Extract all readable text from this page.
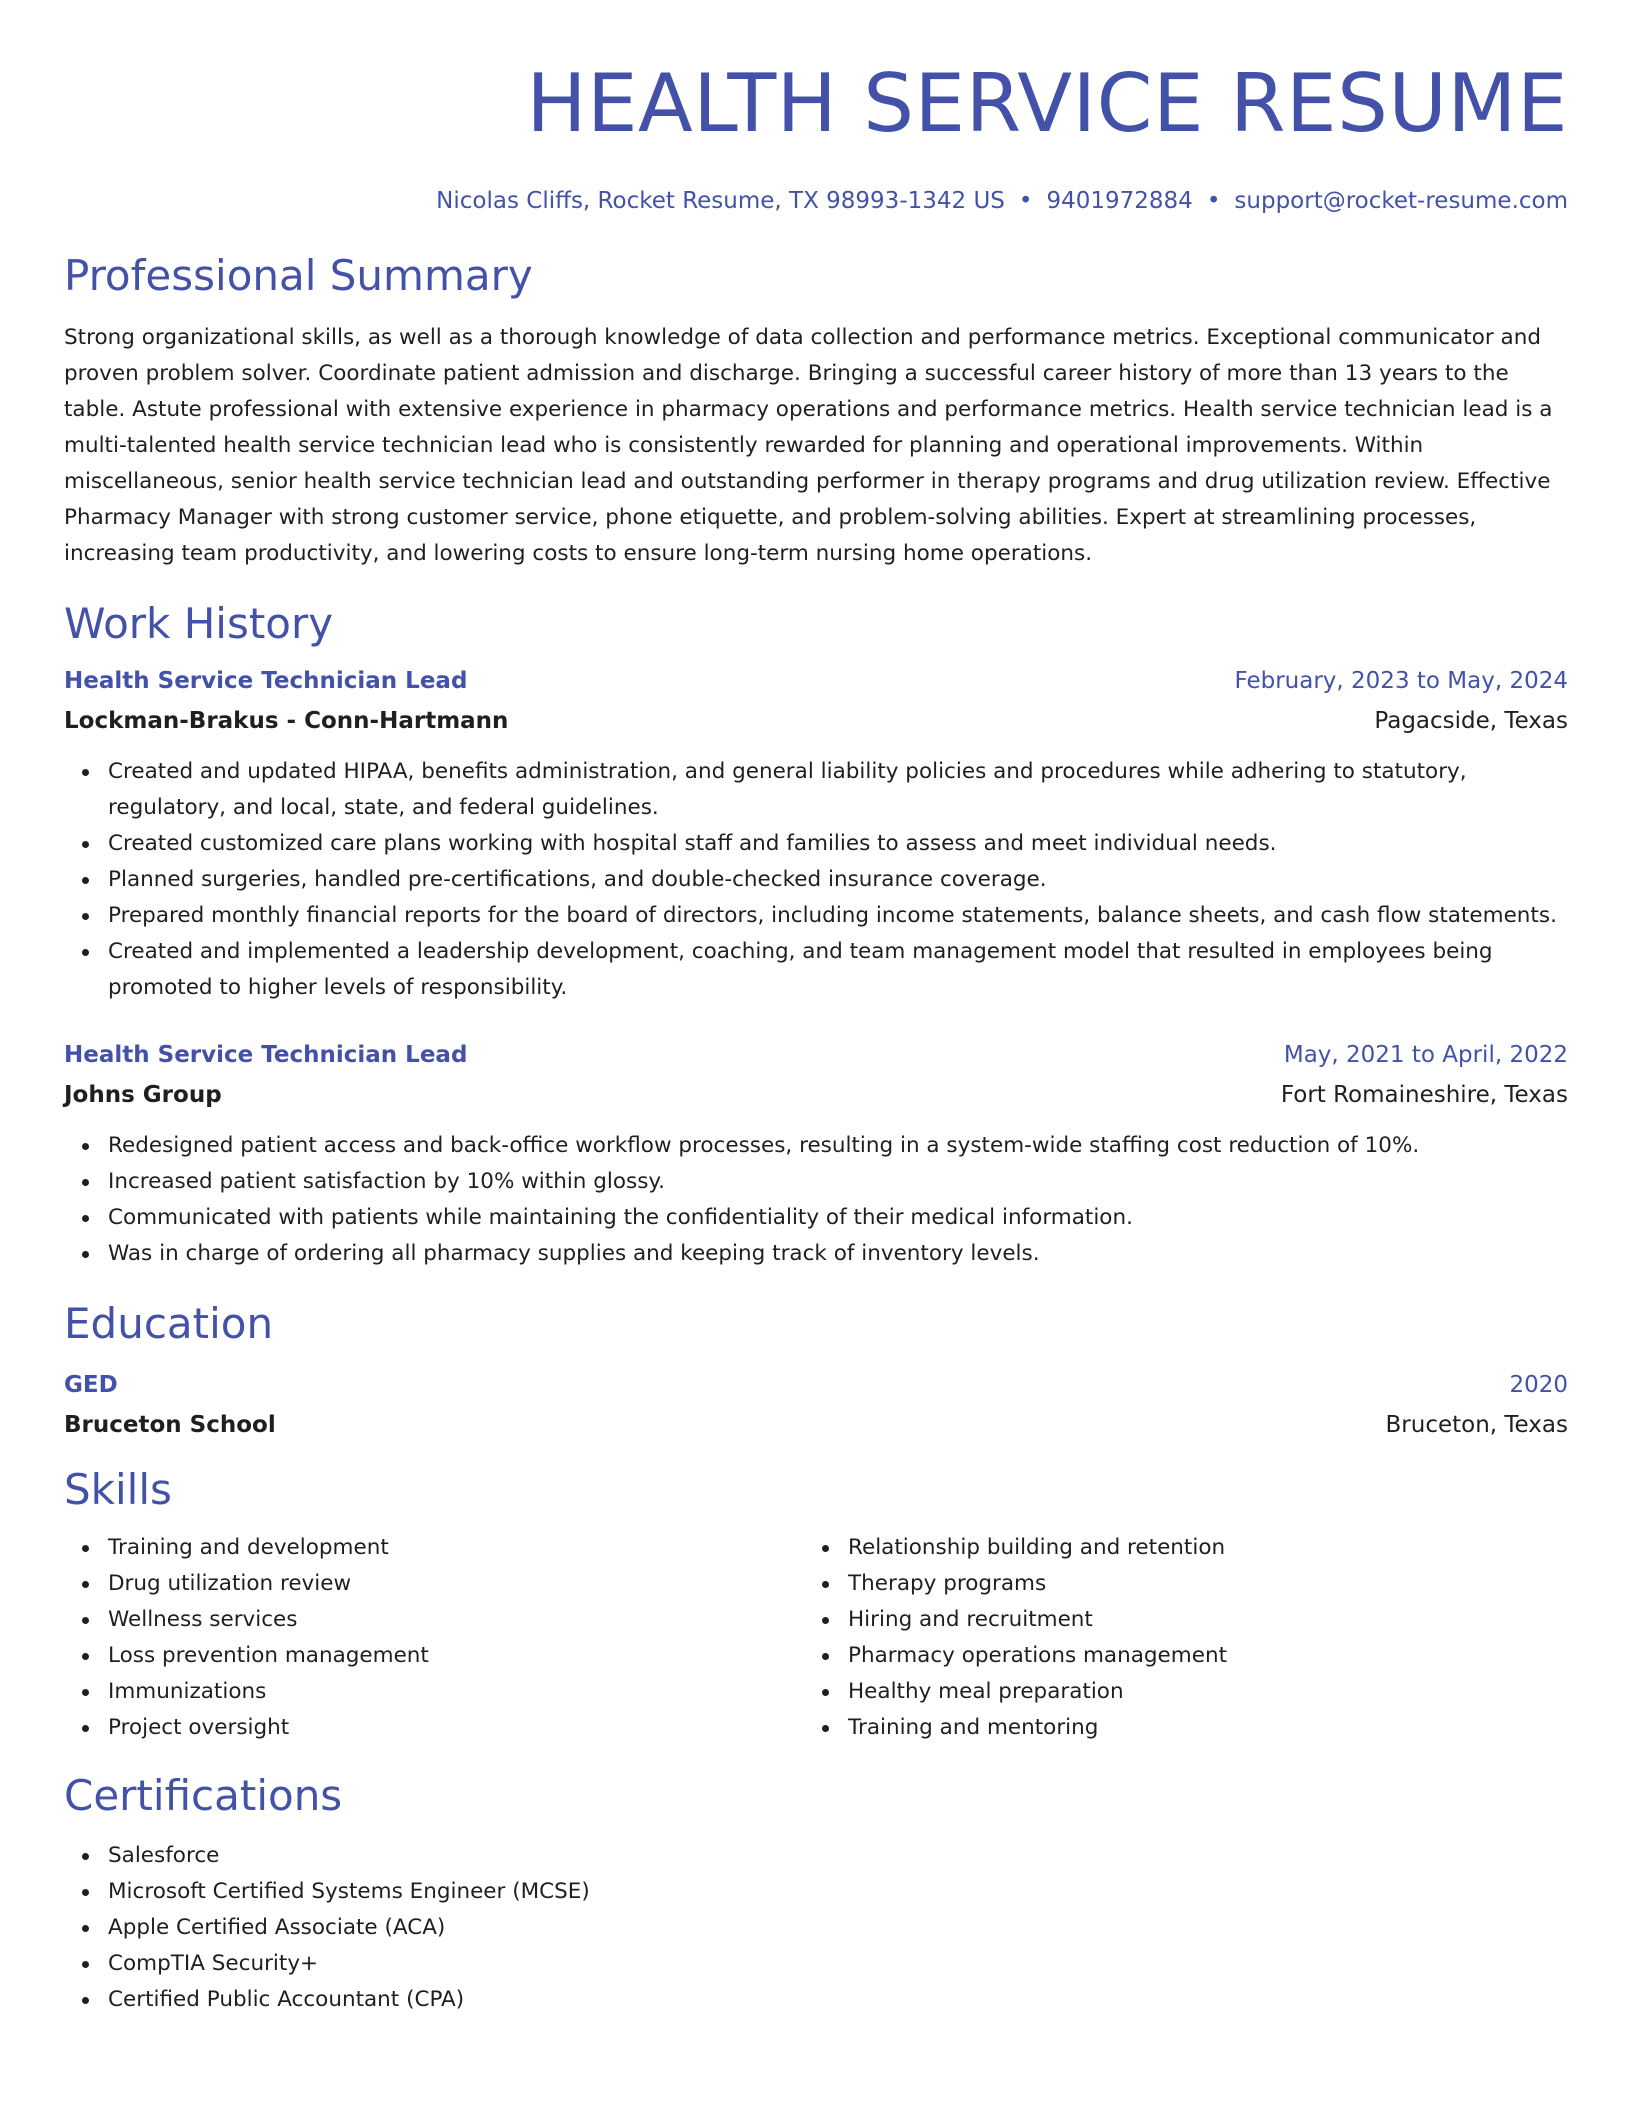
HEALTH SERVICE RESUME
Nicolas Cliffs, Rocket Resume, TX 98993-1342 US • 9401972884 • support@rocket-resume.com
Professional Summary
Strong organizational skills, as well as a thorough knowledge of data collection and performance metrics. Exceptional communicator and proven problem solver. Coordinate patient admission and discharge. Bringing a successful career history of more than 13 years to the table. Astute professional with extensive experience in pharmacy operations and performance metrics. Health service technician lead is a multi-talented health service technician lead who is consistently rewarded for planning and operational improvements. Within miscellaneous, senior health service technician lead and outstanding performer in therapy programs and drug utilization review. Effective Pharmacy Manager with strong customer service, phone etiquette, and problem-solving abilities. Expert at streamlining processes, increasing team productivity, and lowering costs to ensure long-term nursing home operations.
Work History
Health Service Technician Lead	February, 2023 to May, 2024
Lockman-Brakus - Conn-Hartmann	Pagacside, Texas
Created and updated HIPAA, benefits administration, and general liability policies and procedures while adhering to statutory, regulatory, and local, state, and federal guidelines.
Created customized care plans working with hospital staff and families to assess and meet individual needs.
Planned surgeries, handled pre-certifications, and double-checked insurance coverage.
Prepared monthly financial reports for the board of directors, including income statements, balance sheets, and cash flow statements.
Created and implemented a leadership development, coaching, and team management model that resulted in employees being promoted to higher levels of responsibility.
Health Service Technician Lead	May, 2021 to April, 2022
Johns Group	Fort Romaineshire, Texas
Redesigned patient access and back-office workflow processes, resulting in a system-wide staffing cost reduction of 10%.
Increased patient satisfaction by 10% within glossy.
Communicated with patients while maintaining the confidentiality of their medical information.
Was in charge of ordering all pharmacy supplies and keeping track of inventory levels.
Education
GED	2020
Bruceton School	Bruceton, Texas
Skills
Training and development
Drug utilization review
Wellness services
Loss prevention management
Immunizations
Project oversight
Relationship building and retention
Therapy programs
Hiring and recruitment
Pharmacy operations management
Healthy meal preparation
Training and mentoring
Certifications
Salesforce
Microsoft Certified Systems Engineer (MCSE)
Apple Certified Associate (ACA)
CompTIA Security+
Certified Public Accountant (CPA)
